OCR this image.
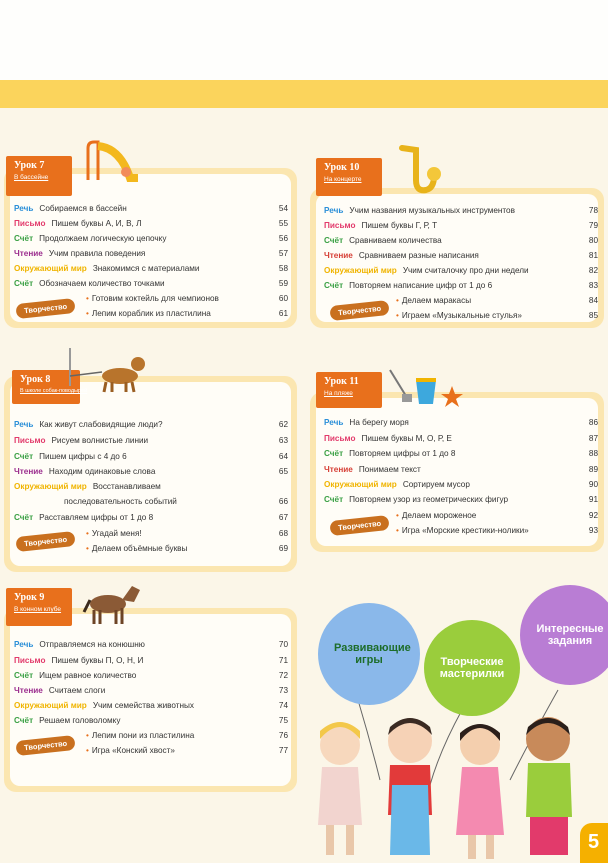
Урок 7
В бассейне
Речь Собираемся в бассейн	54
Письмо Пишем буквы А, И, В, Л	55
Счёт Продолжаем логическую цепочку	56
Чтение Учим правила поведения	57
Окружающий мир Знакомимся с материалами	58
Счёт Обозначаем количество точками	59
Творчество
• Готовим коктейль для чемпионов	60
• Лепим кораблик из пластилина	61
Урок 10
На концерте
Речь Учим названия музыкальных инструментов	78
Письмо Пишем буквы Г, Р, Т	79
Счёт Сравниваем количества	80
Чтение Сравниваем разные написания	81
Окружающий мир Учим считалочку про дни недели	82
Счёт Повторяем написание цифр от 1 до 6	83
Творчество
• Делаем маракасы	84
• Играем «Музыкальные стулья»	85
Урок 8
В школе собак-поводырей
Речь Как живут слабовидящие люди?	62
Письмо Рисуем волнистые линии	63
Счёт Пишем цифры с 4 до 6	64
Чтение Находим одинаковые слова	65
Окружающий мир Восстанавливаем
последовательность событий	66
Счёт Расставляем цифры от 1 до 8	67
Творчество
• Угадай меня!	68
• Делаем объёмные буквы	69
Урок 11
На пляже
Речь На берегу моря	86
Письмо Пишем буквы М, О, Р, Е	87
Счёт Повторяем цифры от 1 до 8	88
Чтение Понимаем текст	89
Окружающий мир Сортируем мусор	90
Счёт Повторяем узор из геометрических фигур	91
Творчество
• Делаем мороженое	92
• Игра «Морские крестики-нолики»	93
Урок 9
В конном клубе
Речь Отправляемся на конюшню	70
Письмо Пишем буквы П, О, Н, И	71
Счёт Ищем равное количество	72
Чтение Считаем слоги	73
Окружающий мир Учим семейства животных	74
Счёт Решаем головоломку	75
Творчество
• Лепим пони из пластилина	76
• Игра «Конский хвост»	77
Развивающие игры	Творческие мастерилки
Интересные задания
5
